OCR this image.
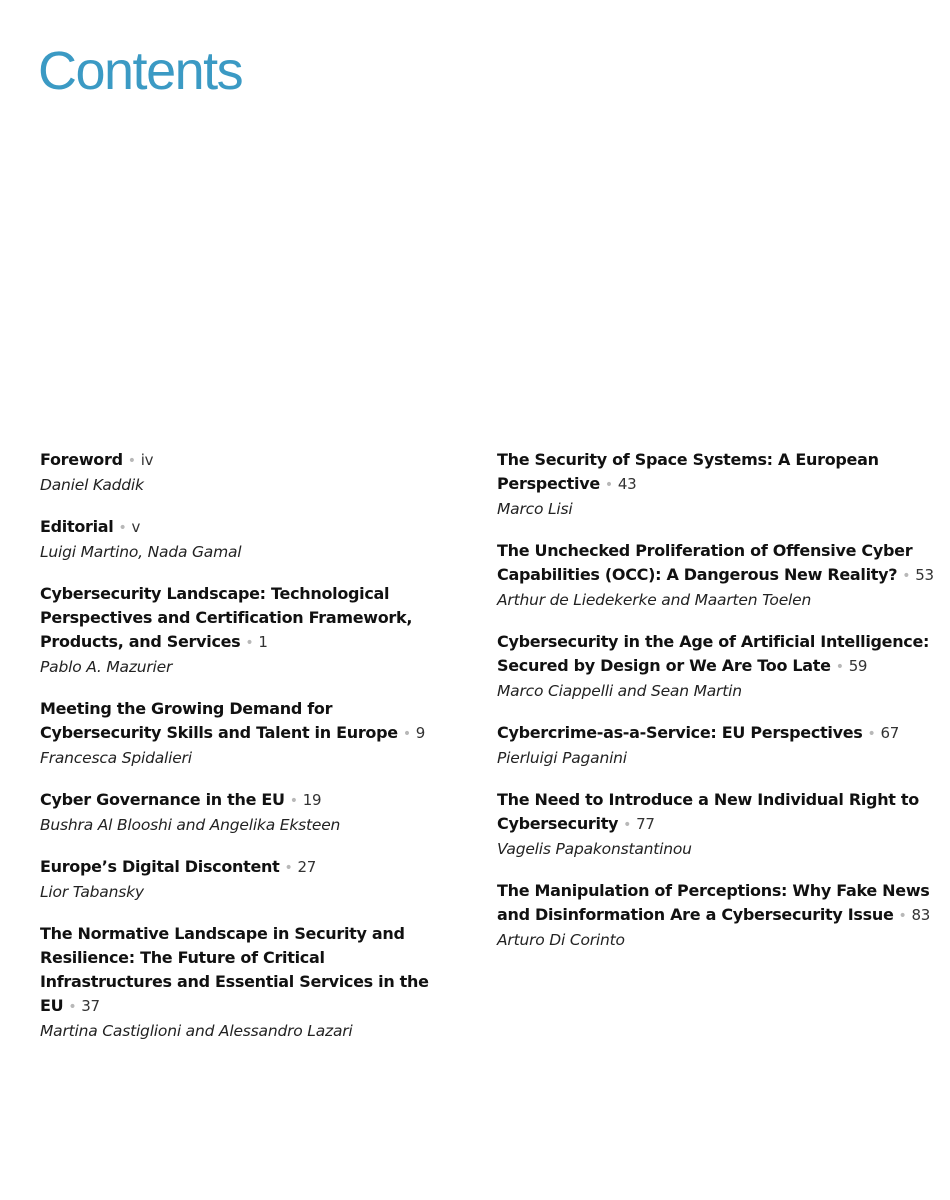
Contents
Foreword • iv
Daniel Kaddik
Editorial • v
Luigi Martino, Nada Gamal
Cybersecurity Landscape: Technological Perspectives and Certification Framework, Products, and Services • 1
Pablo A. Mazurier
Meeting the Growing Demand for Cybersecurity Skills and Talent in Europe • 9
Francesca Spidalieri
Cyber Governance in the EU • 19
Bushra Al Blooshi and Angelika Eksteen
Europe’s Digital Discontent • 27
Lior Tabansky
The Normative Landscape in Security and Resilience: The Future of Critical Infrastructures and Essential Services in the EU • 37
Martina Castiglioni and Alessandro Lazari
The Security of Space Systems: A European Perspective • 43
Marco Lisi
The Unchecked Proliferation of Offensive Cyber Capabilities (OCC): A Dangerous New Reality? • 53
Arthur de Liedekerke and Maarten Toelen
Cybersecurity in the Age of Artificial Intelligence: Secured by Design or We Are Too Late • 59
Marco Ciappelli and Sean Martin
Cybercrime-as-a-Service: EU Perspectives • 67
Pierluigi Paganini
The Need to Introduce a New Individual Right to Cybersecurity • 77
Vagelis Papakonstantinou
The Manipulation of Perceptions: Why Fake News and Disinformation Are a Cybersecurity Issue • 83
Arturo Di Corinto
